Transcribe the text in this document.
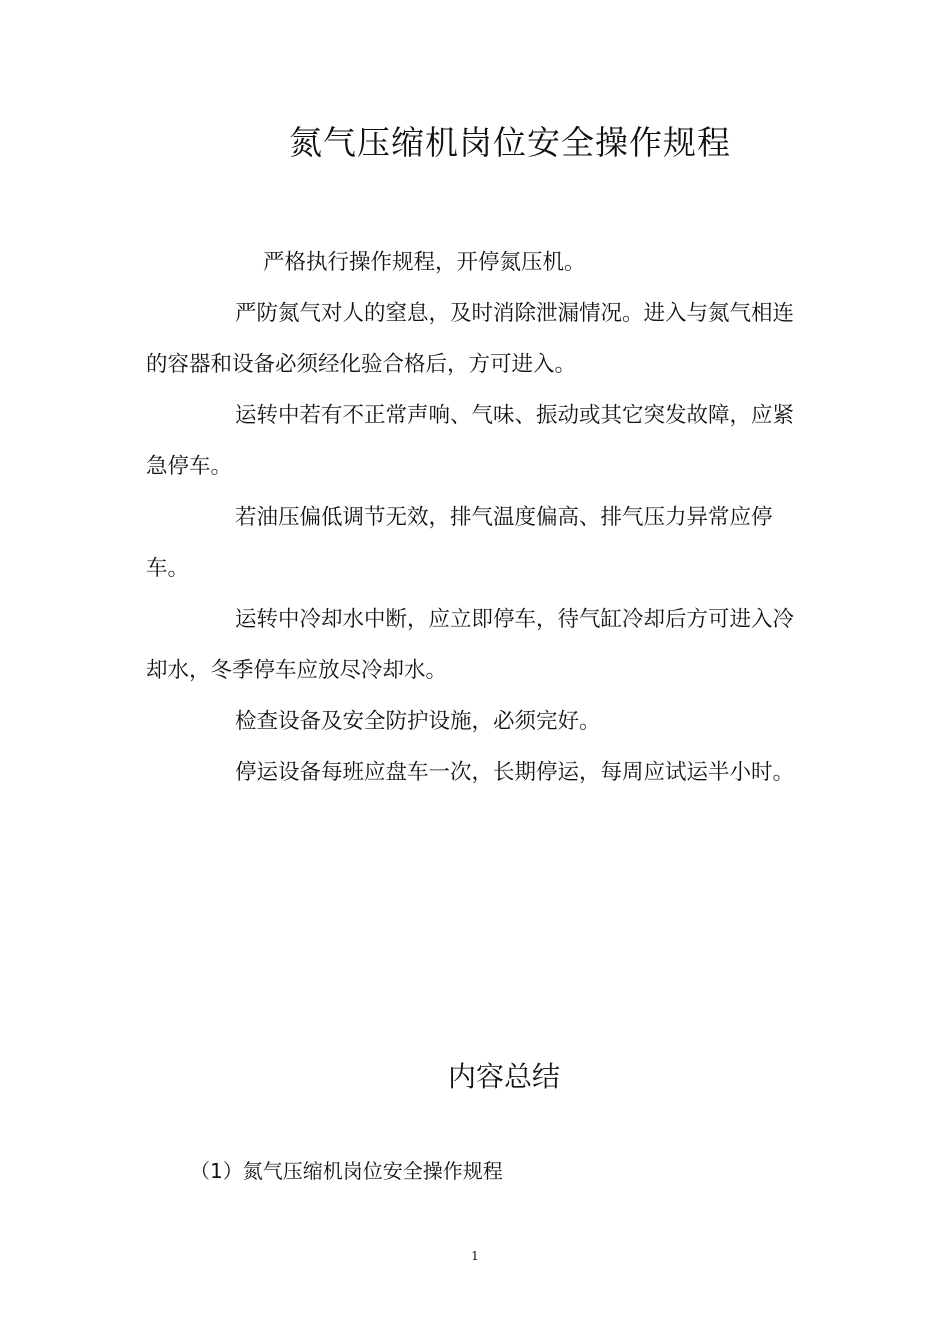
氮气压缩机岗位安全操作规程

严格执行操作规程，开停氮压机。

严防氮气对人的窒息，及时消除泄漏情况。进入与氮气相连的容器和设备必须经化验合格后，方可进入。

运转中若有不正常声响、气味、振动或其它突发故障，应紧急停车。

若油压偏低调节无效，排气温度偏高、排气压力异常应停车。

运转中冷却水中断，应立即停车，待气缸冷却后方可进入冷却水，冬季停车应放尽冷却水。

检查设备及安全防护设施，必须完好。

停运设备每班应盘车一次，长期停运，每周应试运半小时。

内容总结

（1）氮气压缩机岗位安全操作规程

1
